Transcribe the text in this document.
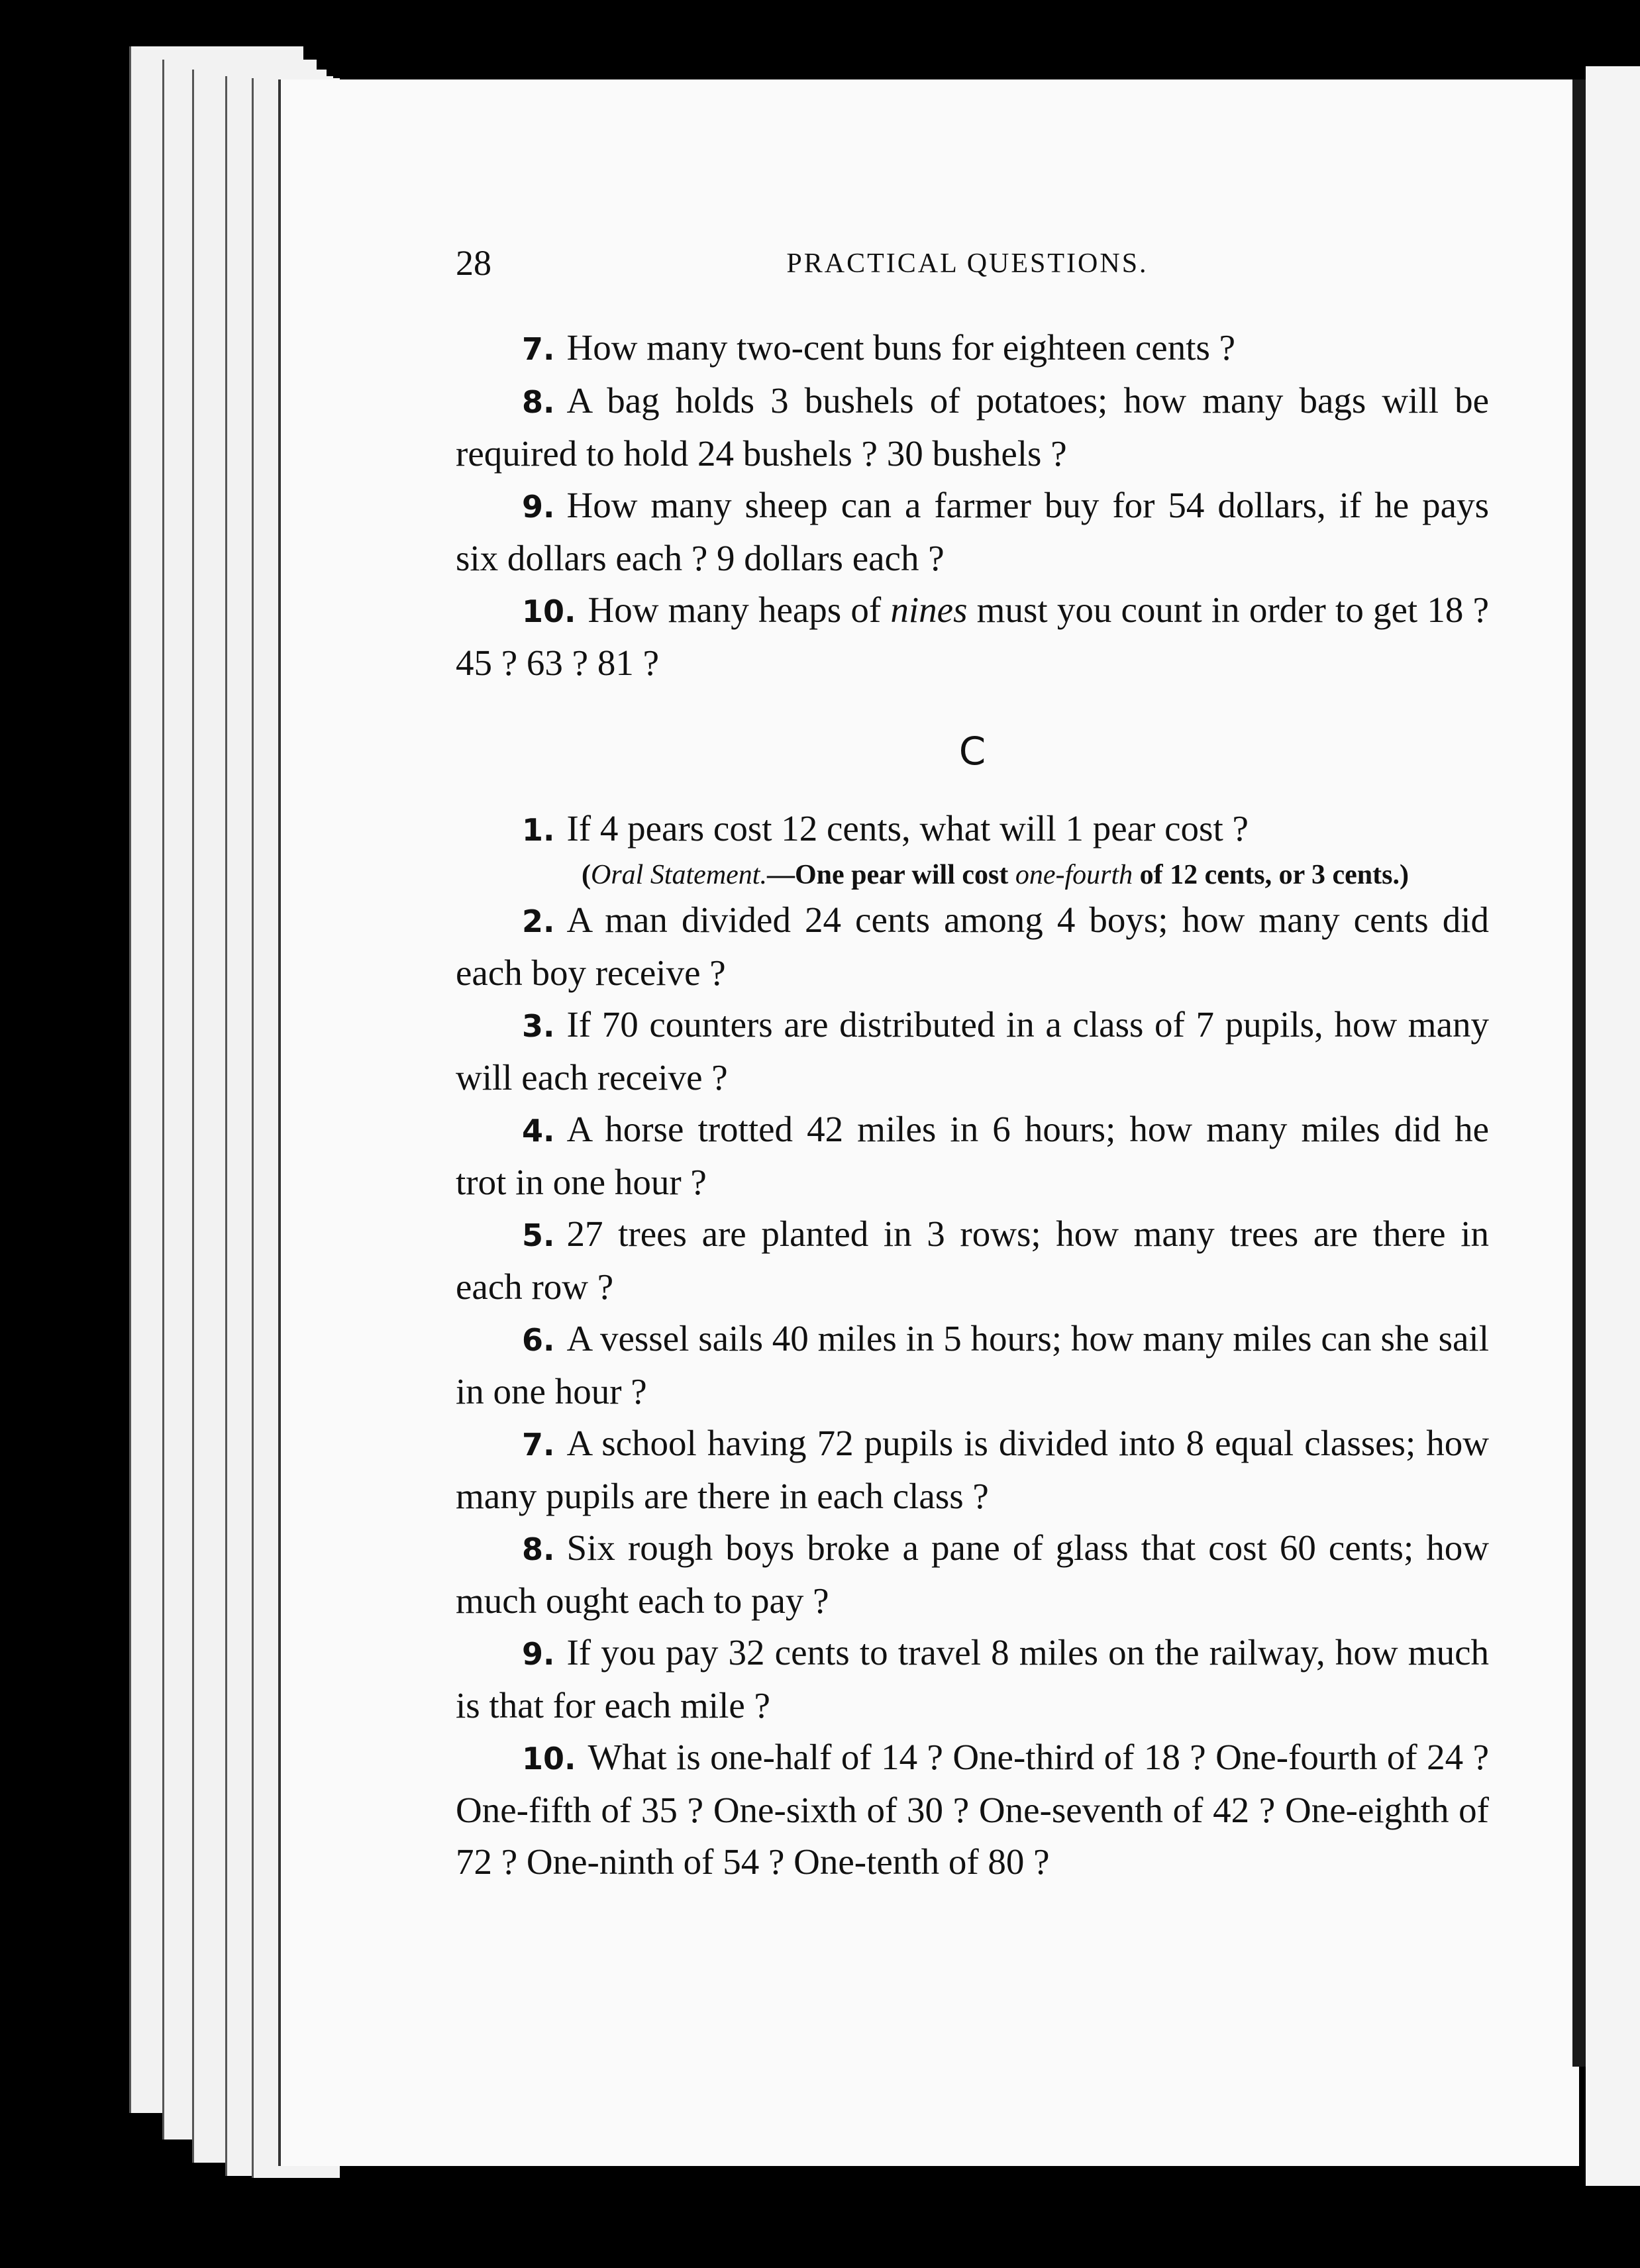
28	PRACTICAL QUESTIONS.

7. How many two-cent buns for eighteen cents ?

8. A bag holds 3 bushels of potatoes; how many bags will be required to hold 24 bushels ? 30 bushels ?

9. How many sheep can a farmer buy for 54 dollars, if he pays six dollars each ? 9 dollars each ?

10. How many heaps of nines must you count in order to get 18 ? 45 ? 63 ? 81 ?

C

1. If 4 pears cost 12 cents, what will 1 pear cost ?

(Oral Statement.—One pear will cost one-fourth of 12 cents, or 3 cents.)

2. A man divided 24 cents among 4 boys; how many cents did each boy receive ?

3. If 70 counters are distributed in a class of 7 pupils, how many will each receive ?

4. A horse trotted 42 miles in 6 hours; how many miles did he trot in one hour ?

5. 27 trees are planted in 3 rows; how many trees are there in each row ?

6. A vessel sails 40 miles in 5 hours; how many miles can she sail in one hour ?

7. A school having 72 pupils is divided into 8 equal classes; how many pupils are there in each class ?

8. Six rough boys broke a pane of glass that cost 60 cents; how much ought each to pay ?

9. If you pay 32 cents to travel 8 miles on the railway, how much is that for each mile ?

10. What is one-half of 14 ? One-third of 18 ? One-fourth of 24 ? One-fifth of 35 ? One-sixth of 30 ? One-seventh of 42 ? One-eighth of 72 ? One-ninth of 54 ? One-tenth of 80 ?
